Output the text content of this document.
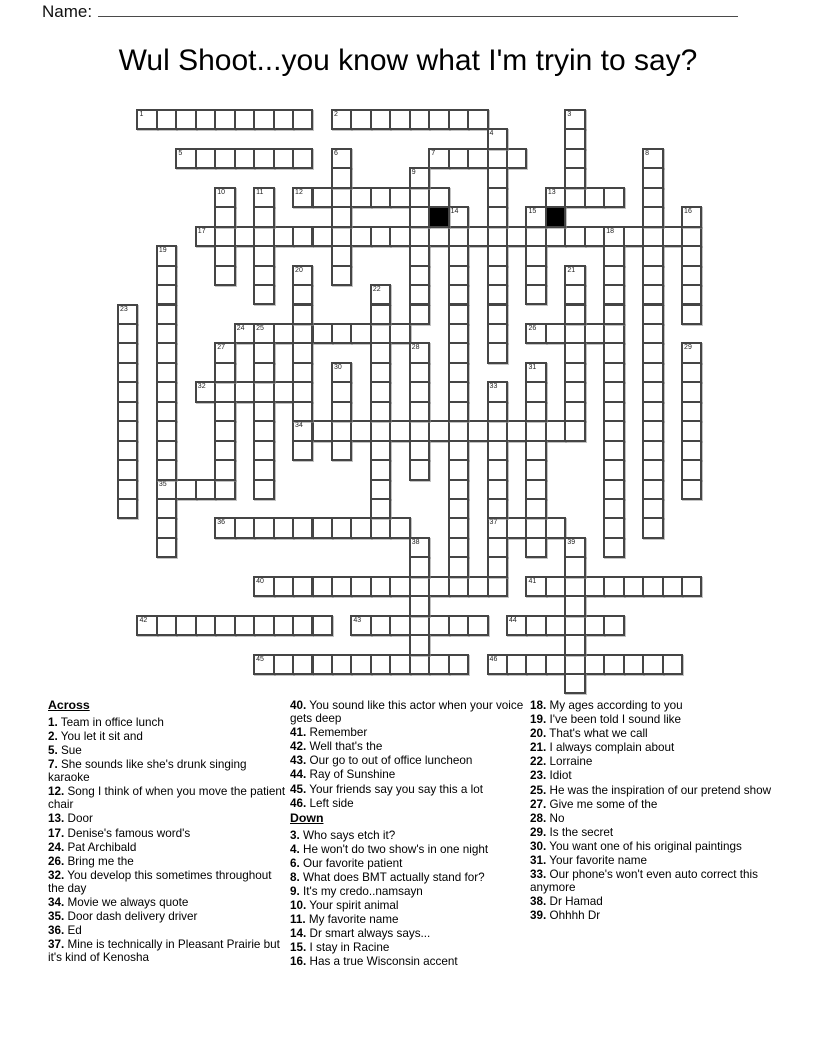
Name:
Wul Shoot...you know what I'm tryin to say?
1	2
5	7
12	13
17	18
24 25	26
32
34
35
36	37
40	41
42	43	44
45	46
3
4
6	8
9
10	11
14	15	16
19
20	21
22
23
27	28	29
30	31
33
38	39
Across
1. Team in office lunch
2. You let it sit and
5. Sue
7. She sounds like she's drunk singing karaoke
12. Song I think of when you move the patient chair
13. Door
17. Denise's famous word's
24. Pat Archibald
26. Bring me the
32. You develop this sometimes throughout the day
34. Movie we always quote
35. Door dash delivery driver
36. Ed
37. Mine is technically in Pleasant Prairie but it's kind of Kenosha
40. You sound like this actor when your voice gets deep
41. Remember
42. Well that's the
43. Our go to out of office luncheon
44. Ray of Sunshine
45. Your friends say you say this a lot
46. Left side
Down
3. Who says etch it?
4. He won't do two show's in one night
6. Our favorite patient
8. What does BMT actually stand for?
9. It's my credo..namsayn
10. Your spirit animal
11. My favorite name
14. Dr smart always says...
15. I stay in Racine
16. Has a true Wisconsin accent
18. My ages according to you
19. I've been told I sound like
20. That's what we call
21. I always complain about
22. Lorraine
23. Idiot
25. He was the inspiration of our pretend show
27. Give me some of the
28. No
29. Is the secret
30. You want one of his original paintings
31. Your favorite name
33. Our phone's won't even auto correct this anymore
38. Dr Hamad
39. Ohhhh Dr
